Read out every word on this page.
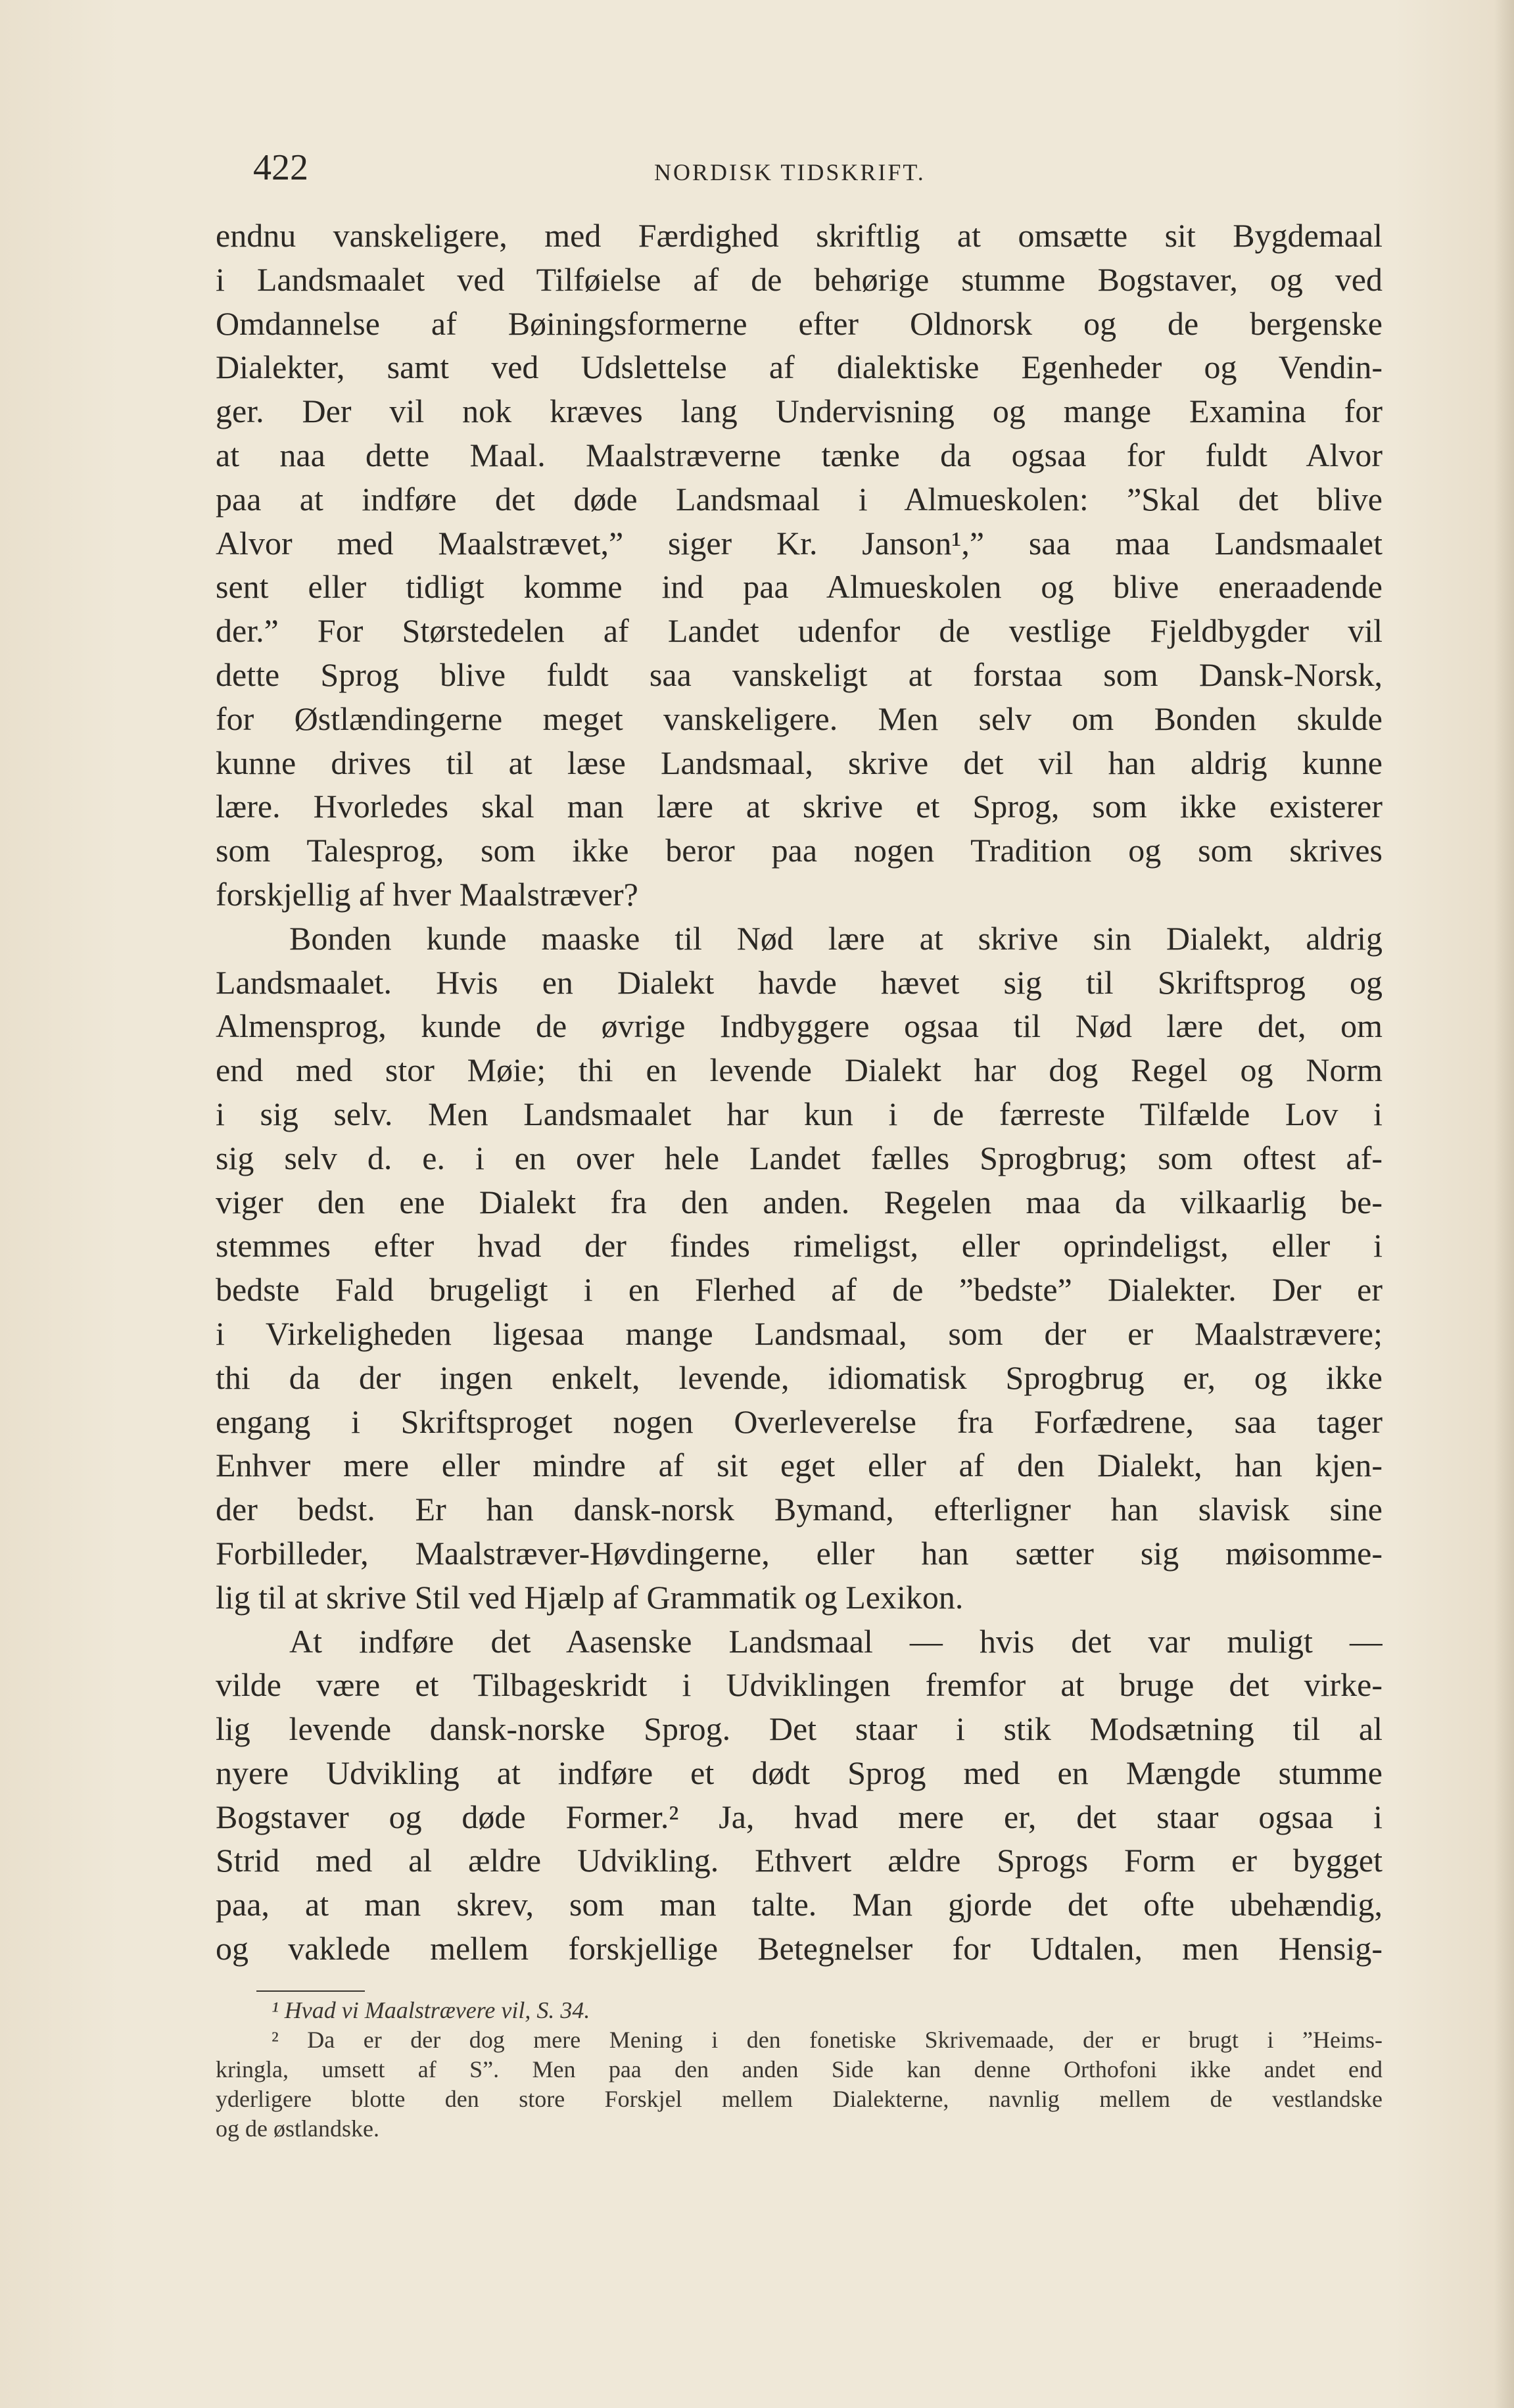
422	NORDISK TIDSKRIFT.
endnu vanskeligere, med Færdighed skriftlig at omsætte sit Bygdemaal
i Landsmaalet ved Tilføielse af de behørige stumme Bogstaver, og ved
Omdannelse af Bøiningsformerne efter Oldnorsk og de bergenske
Dialekter, samt ved Udslettelse af dialektiske Egenheder og Vendin-
ger. Der vil nok kræves lang Undervisning og mange Examina for
at naa dette Maal. Maalstræverne tænke da ogsaa for fuldt Alvor
paa at indføre det døde Landsmaal i Almueskolen: ”Skal det blive
Alvor med Maalstrævet,” siger Kr. Janson¹,” saa maa Landsmaalet
sent eller tidligt komme ind paa Almueskolen og blive eneraadende
der.” For Størstedelen af Landet udenfor de vestlige Fjeldbygder vil
dette Sprog blive fuldt saa vanskeligt at forstaa som Dansk-Norsk,
for Østlændingerne meget vanskeligere. Men selv om Bonden skulde
kunne drives til at læse Landsmaal, skrive det vil han aldrig kunne
lære. Hvorledes skal man lære at skrive et Sprog, som ikke existerer
som Talesprog, som ikke beror paa nogen Tradition og som skrives
forskjellig af hver Maalstræver?
Bonden kunde maaske til Nød lære at skrive sin Dialekt, aldrig
Landsmaalet. Hvis en Dialekt havde hævet sig til Skriftsprog og
Almensprog, kunde de øvrige Indbyggere ogsaa til Nød lære det, om
end med stor Møie; thi en levende Dialekt har dog Regel og Norm
i sig selv. Men Landsmaalet har kun i de færreste Tilfælde Lov i
sig selv d. e. i en over hele Landet fælles Sprogbrug; som oftest af-
viger den ene Dialekt fra den anden. Regelen maa da vilkaarlig be-
stemmes efter hvad der findes rimeligst, eller oprindeligst, eller i
bedste Fald brugeligt i en Flerhed af de ”bedste” Dialekter. Der er
i Virkeligheden ligesaa mange Landsmaal, som der er Maalstrævere;
thi da der ingen enkelt, levende, idiomatisk Sprogbrug er, og ikke
engang i Skriftsproget nogen Overleverelse fra Forfædrene, saa tager
Enhver mere eller mindre af sit eget eller af den Dialekt, han kjen-
der bedst. Er han dansk-norsk Bymand, efterligner han slavisk sine
Forbilleder, Maalstræver-Høvdingerne, eller han sætter sig møisomme-
lig til at skrive Stil ved Hjælp af Grammatik og Lexikon.
At indføre det Aasenske Landsmaal — hvis det var muligt —
vilde være et Tilbageskridt i Udviklingen fremfor at bruge det virke-
lig levende dansk-norske Sprog. Det staar i stik Modsætning til al
nyere Udvikling at indføre et dødt Sprog med en Mængde stumme
Bogstaver og døde Former.² Ja, hvad mere er, det staar ogsaa i
Strid med al ældre Udvikling. Ethvert ældre Sprogs Form er bygget
paa, at man skrev, som man talte. Man gjorde det ofte ubehændig,
og vaklede mellem forskjellige Betegnelser for Udtalen, men Hensig-
¹ Hvad vi Maalstrævere vil, S. 34.
² Da er der dog mere Mening i den fonetiske Skrivemaade, der er brugt i ”Heims-
kringla, umsett af S”. Men paa den anden Side kan denne Orthofoni ikke andet end
yderligere blotte den store Forskjel mellem Dialekterne, navnlig mellem de vestlandske
og de østlandske.
